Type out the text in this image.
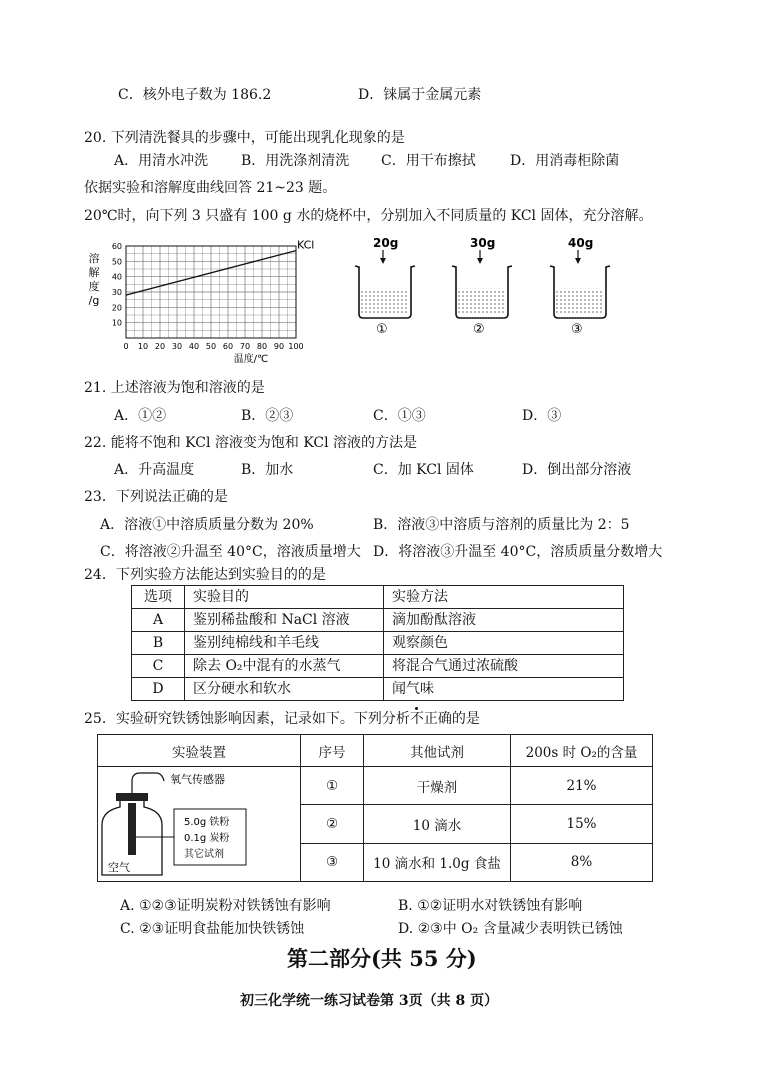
C．核外电子数为 186.2	D．铼属于金属元素
20. 下列清洗餐具的步骤中，可能出现乳化现象的是
A．用清水冲洗 B．用洗涤剂清洗 C．用干布擦拭 D．用消毒柜除菌
依据实验和溶解度曲线回答 21~23 题。
20℃时，向下列 3 只盛有 100 g 水的烧杯中，分别加入不同质量的 KCl 固体，充分溶解。
10
20
30
40
50
60
0 10 20 30 40 50 60 70 80 90 100
溶
解
度
/g
温度/℃
KCl	20g
①
30g
②
40g
③
21. 上述溶液为饱和溶液的是
A．①②	B．②③	C．①③	D．③
22. 能将不饱和 KCl 溶液变为饱和 KCl 溶液的方法是
A．升高温度	B．加水	C．加 KCl 固体	D．倒出部分溶液
23．下列说法正确的是
A．溶液①中溶质质量分数为 20%	B．溶液③中溶质与溶剂的质量比为 2：5
C．将溶液②升温至 40°C，溶液质量增大 D．将溶液③升温至 40°C，溶质质量分数增大
24．下列实验方法能达到实验目的的是
选项	实验目的	实验方法
A	鉴别稀盐酸和 NaCl 溶液	滴加酚酞溶液
B	鉴别纯棉线和羊毛线	观察颜色
C	除去 O₂中混有的水蒸气	将混合气通过浓硫酸
D	区分硬水和软水	闻气味
25．实验研究铁锈蚀影响因素，记录如下。下列分析不正确的是
实验装置	序号	其他试剂	200s 时 O₂的含量

氧气传感器
5.0g 铁粉
0.1g 炭粉
其它试剂
空气	①	干燥剂	21%
	②	10 滴水	15%
	③	10 滴水和 1.0g 食盐	8%
A. ①②③证明炭粉对铁锈蚀有影响	B. ①②证明水对铁锈蚀有影响
C. ②③证明食盐能加快铁锈蚀	D. ②③中 O₂ 含量减少表明铁已锈蚀
第二部分(共 55 分)
初三化学统一练习试卷第 3页（共 8 页）
